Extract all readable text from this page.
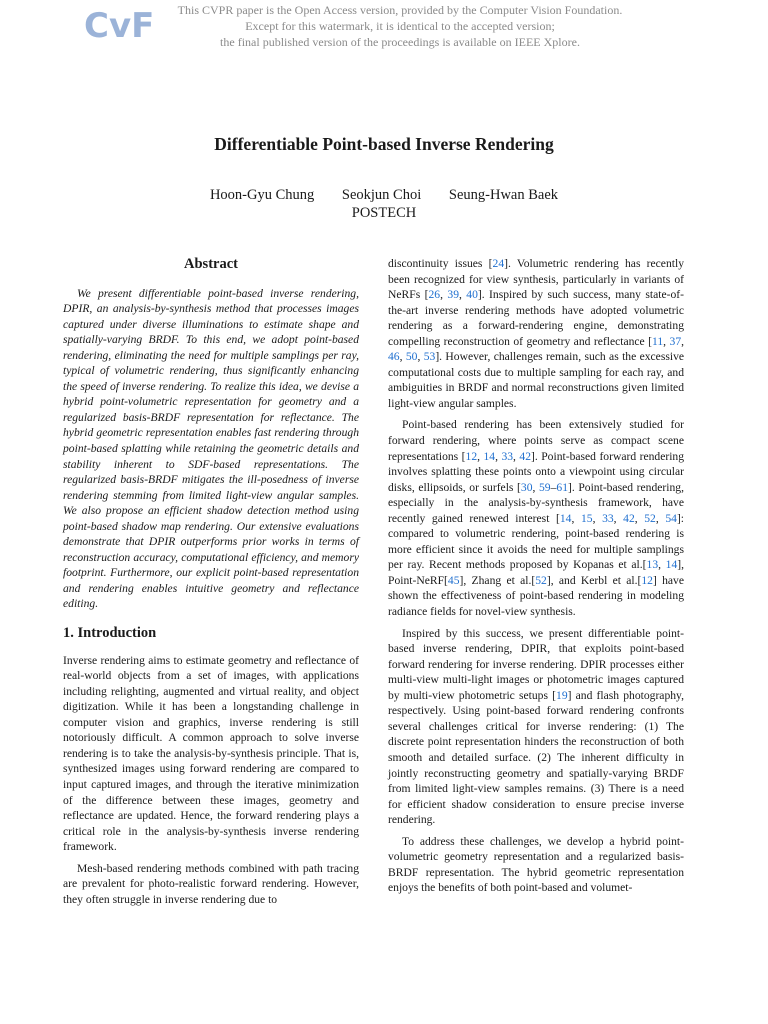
CvF	This CVPR paper is the Open Access version, provided by the Computer Vision Foundation.
Except for this watermark, it is identical to the accepted version;
the final published version of the proceedings is available on IEEE Xplore.
Differentiable Point-based Inverse Rendering
Hoon-Gyu Chung Seokjun Choi Seung-Hwan Baek
POSTECH
Abstract

We present differentiable point-based inverse rendering, DPIR, an analysis-by-synthesis method that processes images captured under diverse illuminations to estimate shape and spatially-varying BRDF. To this end, we adopt point-based rendering, eliminating the need for multiple samplings per ray, typical of volumetric rendering, thus significantly enhancing the speed of inverse rendering. To realize this idea, we devise a hybrid point-volumetric representation for geometry and a regularized basis-BRDF representation for reflectance. The hybrid geometric representation enables fast rendering through point-based splatting while retaining the geometric details and stability inherent to SDF-based representations. The regularized basis-BRDF mitigates the ill-posedness of inverse rendering stemming from limited light-view angular samples. We also propose an efficient shadow detection method using point-based shadow map rendering. Our extensive evaluations demonstrate that DPIR outperforms prior works in terms of reconstruction accuracy, computational efficiency, and memory footprint. Furthermore, our explicit point-based representation and rendering enables intuitive geometry and reflectance editing.

1. Introduction

Inverse rendering aims to estimate geometry and reflectance of real-world objects from a set of images, with applications including relighting, augmented and virtual reality, and object digitization. While it has been a longstanding challenge in computer vision and graphics, inverse rendering is still notoriously difficult. A common approach to solve inverse rendering is to take the analysis-by-synthesis principle. That is, synthesized images using forward rendering are compared to input captured images, and through the iterative minimization of the difference between these images, geometry and reflectance are updated. Hence, the forward rendering plays a critical role in the analysis-by-synthesis inverse rendering framework.

Mesh-based rendering methods combined with path tracing are prevalent for photo-realistic forward rendering. However, they often struggle in inverse rendering due to

discontinuity issues [24]. Volumetric rendering has recently been recognized for view synthesis, particularly in variants of NeRFs [26, 39, 40]. Inspired by such success, many state-of-the-art inverse rendering methods have adopted volumetric rendering as a forward-rendering engine, demonstrating compelling reconstruction of geometry and reflectance [11, 37, 46, 50, 53]. However, challenges remain, such as the excessive computational costs due to multiple sampling for each ray, and ambiguities in BRDF and normal reconstructions given limited light-view angular samples.

Point-based rendering has been extensively studied for forward rendering, where points serve as compact scene representations [12, 14, 33, 42]. Point-based forward rendering involves splatting these points onto a viewpoint using circular disks, ellipsoids, or surfels [30, 59–61]. Point-based rendering, especially in the analysis-by-synthesis framework, have recently gained renewed interest [14, 15, 33, 42, 52, 54]: compared to volumetric rendering, point-based rendering is more efficient since it avoids the need for multiple samplings per ray. Recent methods proposed by Kopanas et al.[13, 14], Point-NeRF[45], Zhang et al.[52], and Kerbl et al.[12] have shown the effectiveness of point-based rendering in modeling radiance fields for novel-view synthesis.

Inspired by this success, we present differentiable point-based inverse rendering, DPIR, that exploits point-based forward rendering for inverse rendering. DPIR processes either multi-view multi-light images or photometric images captured by multi-view photometric setups [19] and flash photography, respectively. Using point-based forward rendering confronts several challenges critical for inverse rendering: (1) The discrete point representation hinders the reconstruction of both smooth and detailed surface. (2) The inherent difficulty in jointly reconstructing geometry and spatially-varying BRDF from limited light-view samples remains. (3) There is a need for efficient shadow consideration to ensure precise inverse rendering.

To address these challenges, we develop a hybrid point-volumetric geometry representation and a regularized basis-BRDF representation. The hybrid geometric representation enjoys the benefits of both point-based and volumet-
